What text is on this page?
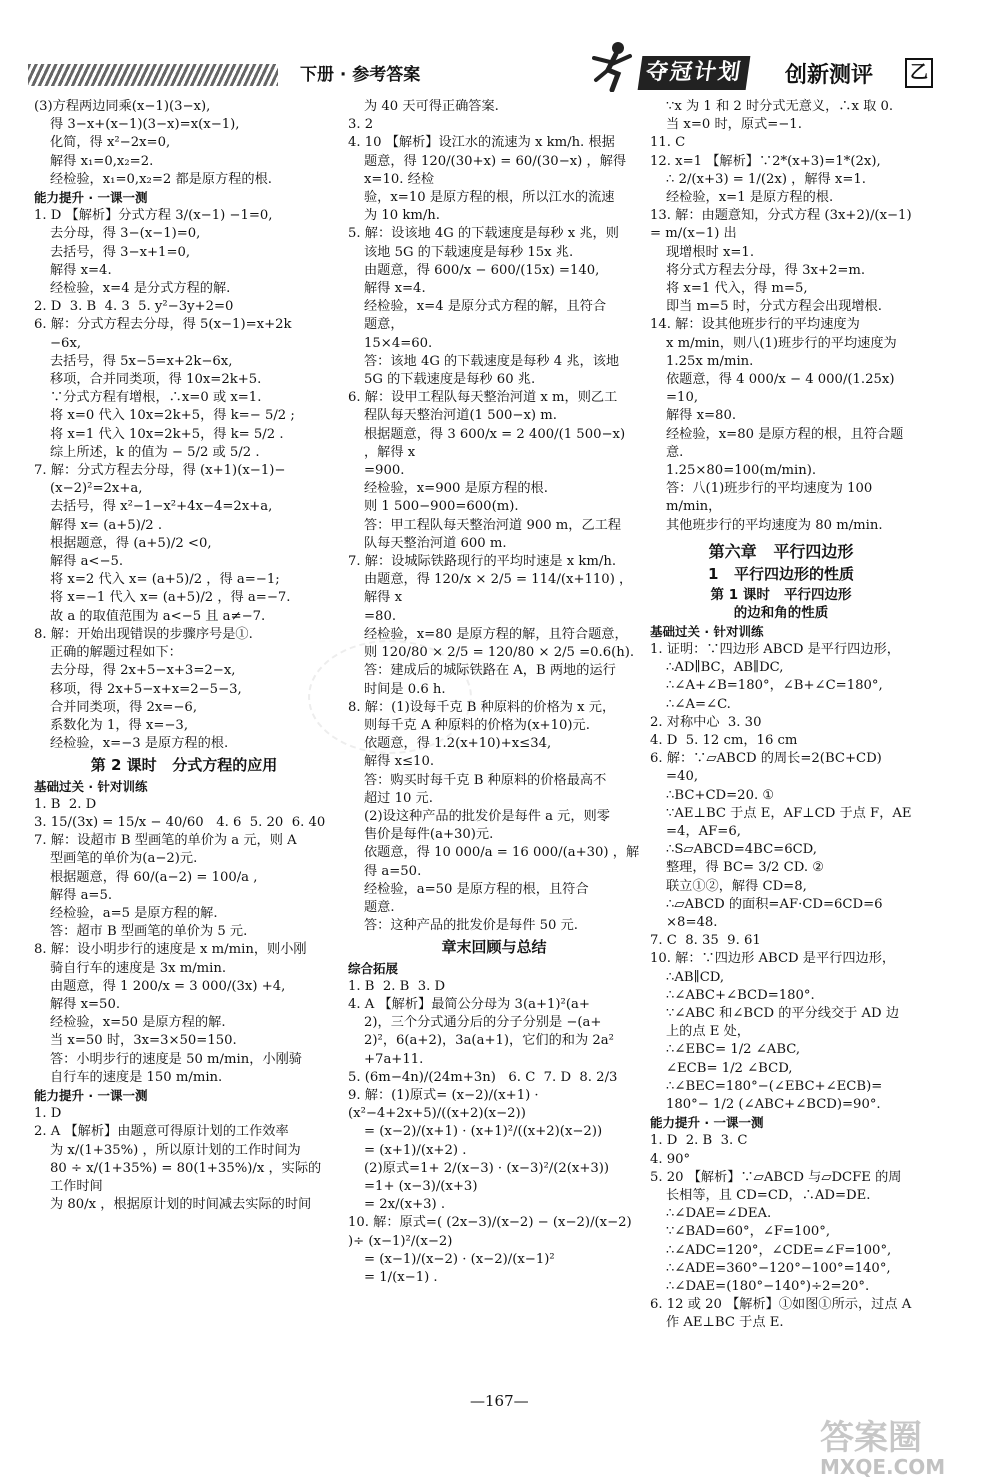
下册 · 参考答案	夺冠计划 创新测评 乙

(3)方程两边同乘(x−1)(3−x),

得 3−x+(x−1)(3−x)=x(x−1),

化简，得 x²−2x=0,

解得 x₁=0,x₂=2.

经检验，x₁=0,x₂=2 都是原方程的根.

能力提升 · 一课一测

1. D 【解析】分式方程 3/(x−1) −1=0,

去分母，得 3−(x−1)=0,

去括号，得 3−x+1=0,

解得 x=4.

经检验，x=4 是分式方程的解.

2. D  3. B  4. 3  5. y²−3y+2=0

6. 解：分式方程去分母，得 5(x−1)=x+2k

−6x,

去括号，得 5x−5=x+2k−6x,

移项，合并同类项，得 10x=2k+5.

∵分式方程有增根，∴x=0 或 x=1.

将 x=0 代入 10x=2k+5，得 k=− 5/2 ;

将 x=1 代入 10x=2k+5，得 k= 5/2 .

综上所述，k 的值为 − 5/2 或 5/2 .

7. 解：分式方程去分母，得 (x+1)(x−1)−

(x−2)²=2x+a,

去括号，得 x²−1−x²+4x−4=2x+a,

解得 x= (a+5)/2 .

根据题意，得 (a+5)/2 <0,

解得 a<−5.

将 x=2 代入 x= (a+5)/2 ，得 a=−1;

将 x=−1 代入 x= (a+5)/2 ，得 a=−7.

故 a 的取值范围为 a<−5 且 a≠−7.

8. 解：开始出现错误的步骤序号是①.

正确的解题过程如下：

去分母，得 2x+5−x+3=2−x,

移项，得 2x+5−x+x=2−5−3,

合并同类项，得 2x=−6,

系数化为 1，得 x=−3,

经检验，x=−3 是原方程的根.

第 2 课时   分式方程的应用

基础过关 · 针对训练

1. B  2. D

3. 15/(3x) = 15/x − 40/60   4. 6  5. 20  6. 40

7. 解：设超市 B 型画笔的单价为 a 元，则 A

型画笔的单价为(a−2)元.

根据题意，得 60/(a−2) = 100/a ,

解得 a=5.

经检验，a=5 是原方程的解.

答：超市 B 型画笔的单价为 5 元.

8. 解：设小明步行的速度是 x m/min，则小刚

骑自行车的速度是 3x m/min.

由题意，得 1 200/x = 3 000/(3x) +4,

解得 x=50.

经检验，x=50 是原方程的解.

当 x=50 时，3x=3×50=150.

答：小明步行的速度是 50 m/min，小刚骑

自行车的速度是 150 m/min.

能力提升 · 一课一测

1. D

2. A 【解析】由题意可得原计划的工作效率

为 x/(1+35%) ，所以原计划的工作时间为

80 ÷ x/(1+35%) = 80(1+35%)/x ，实际的工作时间

为 80/x ，根据原计划的时间减去实际的时间

为 40 天可得正确答案.

3. 2

4. 10 【解析】设江水的流速为 x km/h. 根据

题意，得 120/(30+x) = 60/(30−x) ，解得 x=10. 经检

验，x=10 是原方程的根，所以江水的流速

为 10 km/h.

5. 解：设该地 4G 的下载速度是每秒 x 兆，则

该地 5G 的下载速度是每秒 15x 兆.

由题意，得 600/x − 600/(15x) =140,

解得 x=4.

经检验，x=4 是原分式方程的解，且符合

题意，

15×4=60.

答：该地 4G 的下载速度是每秒 4 兆，该地

5G 的下载速度是每秒 60 兆.

6. 解：设甲工程队每天整治河道 x m，则乙工

程队每天整治河道(1 500−x) m.

根据题意，得 3 600/x = 2 400/(1 500−x) ，解得 x

=900.

经检验，x=900 是原方程的根.

则 1 500−900=600(m).

答：甲工程队每天整治河道 900 m，乙工程

队每天整治河道 600 m.

7. 解：设城际铁路现行的平均时速是 x km/h.

由题意，得 120/x × 2/5 = 114/(x+110) ，解得 x

=80.

经检验，x=80 是原方程的解，且符合题意，

则 120/80 × 2/5 = 120/80 × 2/5 =0.6(h).

答：建成后的城际铁路在 A，B 两地的运行

时间是 0.6 h.

8. 解：(1)设每千克 B 种原料的价格为 x 元，

则每千克 A 种原料的价格为(x+10)元.

依题意，得 1.2(x+10)+x≤34,

解得 x≤10.

答：购买时每千克 B 种原料的价格最高不

超过 10 元.

(2)设这种产品的批发价是每件 a 元，则零

售价是每件(a+30)元.

依题意，得 10 000/a = 16 000/(a+30) ，解得 a=50.

经检验，a=50 是原方程的根，且符合

题意.

答：这种产品的批发价是每件 50 元.

章末回顾与总结

综合拓展

1. B  2. B  3. D

4. A 【解析】最简公分母为 3(a+1)²(a+

2)，三个分式通分后的分子分别是 −(a+

2)²，6(a+2)，3a(a+1)，它们的和为 2a²

+7a+11.

5. (6m−4n)/(24m+3n)   6. C  7. D  8. 2/3

9. 解：(1)原式= (x−2)/(x+1) · (x²−4+2x+5)/((x+2)(x−2))

= (x−2)/(x+1) · (x+1)²/((x+2)(x−2))

= (x+1)/(x+2) .

(2)原式=1+ 2/(x−3) · (x−3)²/(2(x+3))

=1+ (x−3)/(x+3)

= 2x/(x+3) .

10. 解：原式=( (2x−3)/(x−2) − (x−2)/(x−2) )÷ (x−1)²/(x−2)

= (x−1)/(x−2) · (x−2)/(x−1)²

= 1/(x−1) .

∵x 为 1 和 2 时分式无意义，∴x 取 0.

当 x=0 时，原式=−1.

11. C

12. x=1 【解析】∵2*(x+3)=1*(2x),

∴ 2/(x+3) = 1/(2x) ，解得 x=1.

经检验，x=1 是原方程的根.

13. 解：由题意知，分式方程 (3x+2)/(x−1) = m/(x−1) 出

现增根时 x=1.

将分式方程去分母，得 3x+2=m.

将 x=1 代入，得 m=5,

即当 m=5 时，分式方程会出现增根.

14. 解：设其他班步行的平均速度为

x m/min，则八(1)班步行的平均速度为

1.25x m/min.

依题意，得 4 000/x − 4 000/(1.25x) =10,

解得 x=80.

经检验，x=80 是原方程的根，且符合题意.

1.25×80=100(m/min).

答：八(1)班步行的平均速度为 100 m/min，

其他班步行的平均速度为 80 m/min.

第六章   平行四边形

1   平行四边形的性质

第 1 课时   平行四边形

的边和角的性质

基础过关 · 针对训练

1. 证明：∵四边形 ABCD 是平行四边形，

∴AD∥BC，AB∥DC,

∴∠A+∠B=180°，∠B+∠C=180°,

∴∠A=∠C.

2. 对称中心  3. 30

4. D  5. 12 cm，16 cm

6. 解：∵▱ABCD 的周长=2(BC+CD)

=40,

∴BC+CD=20. ①

∵AE⊥BC 于点 E，AF⊥CD 于点 F，AE

=4，AF=6,

∴S▱ABCD=4BC=6CD,

整理，得 BC= 3/2 CD. ②

联立①②，解得 CD=8,

∴▱ABCD 的面积=AF·CD=6CD=6

×8=48.

7. C  8. 35  9. 61

10. 解：∵四边形 ABCD 是平行四边形，

∴AB∥CD,

∴∠ABC+∠BCD=180°.

∵∠ABC 和∠BCD 的平分线交于 AD 边

上的点 E 处，

∴∠EBC= 1/2 ∠ABC,

∠ECB= 1/2 ∠BCD,

∴∠BEC=180°−(∠EBC+∠ECB)=

180°− 1/2 (∠ABC+∠BCD)=90°.

能力提升 · 一课一测

1. D  2. B  3. C

4. 90°

5. 20 【解析】∵▱ABCD 与▱DCFE 的周

长相等，且 CD=CD，∴AD=DE.

∴∠DAE=∠DEA.

∵∠BAD=60°，∠F=100°,

∴∠ADC=120°，∠CDE=∠F=100°,

∴∠ADE=360°−120°−100°=140°,

∴∠DAE=(180°−140°)÷2=20°.

6. 12 或 20 【解析】①如图①所示，过点 A

作 AE⊥BC 于点 E.

—167—
答案圈
MXQE.COM
